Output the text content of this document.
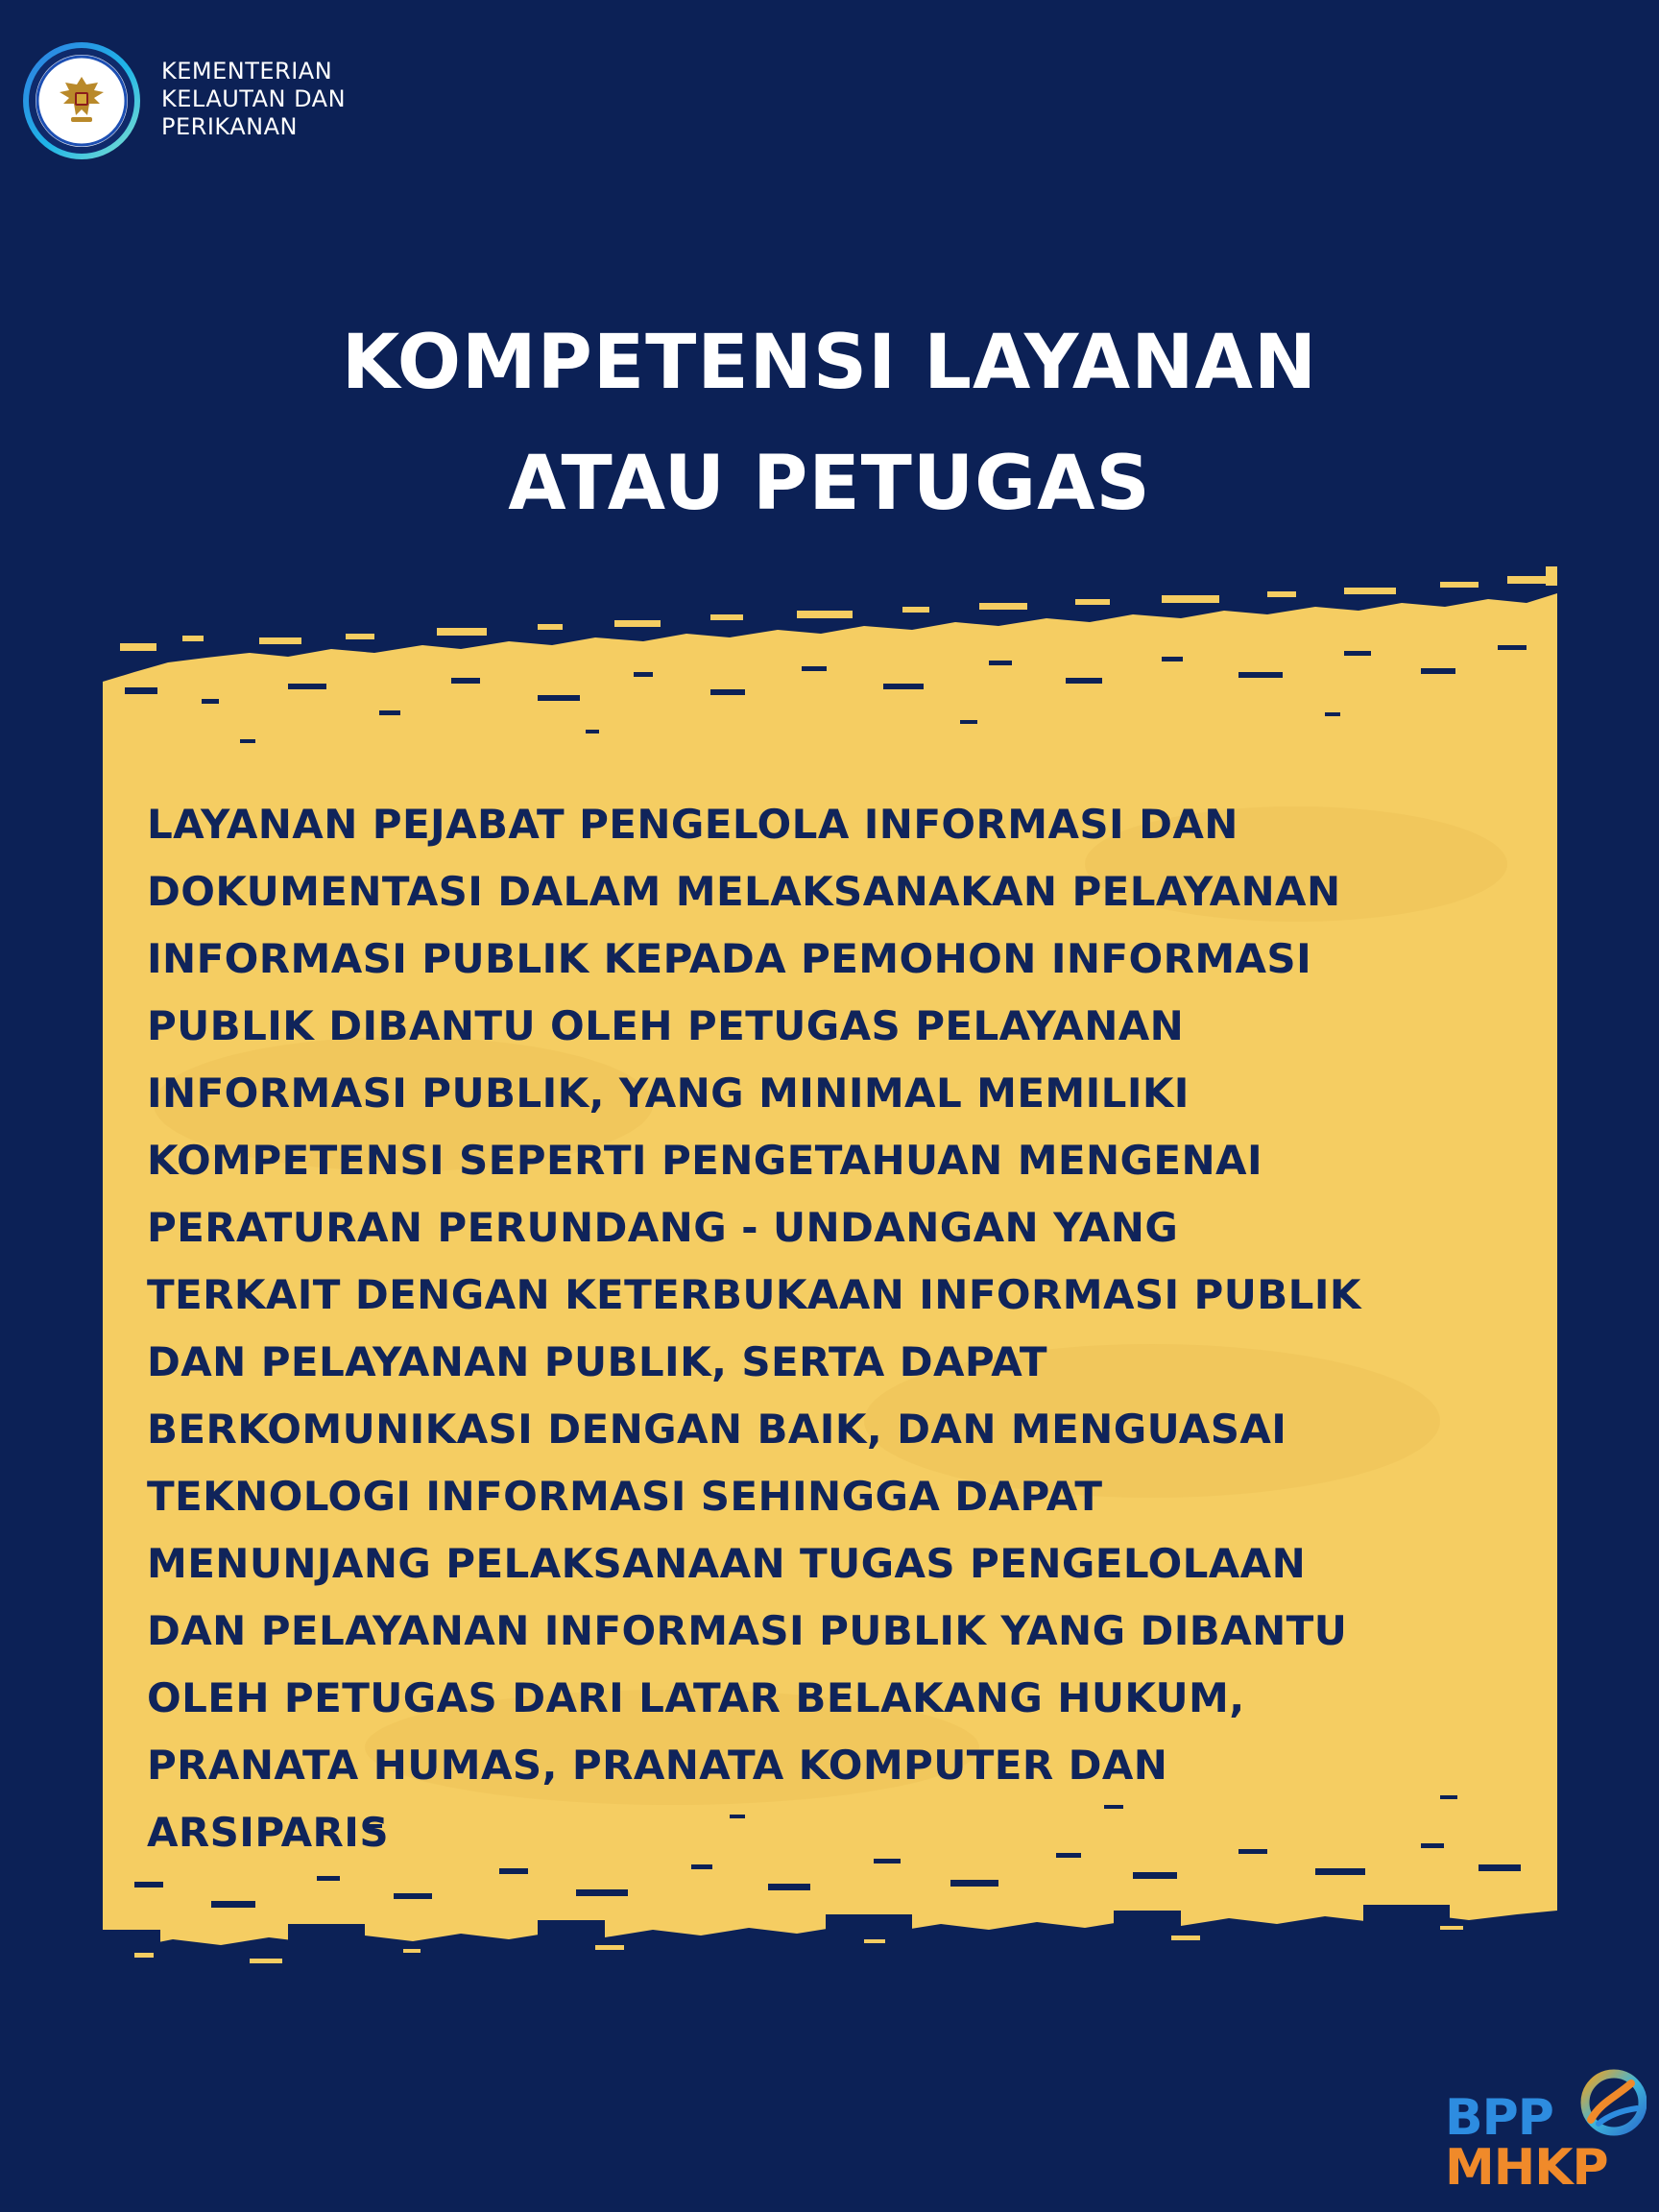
KEMENTERIAN
KELAUTAN DAN
PERIKANAN
KOMPETENSI LAYANAN
ATAU PETUGAS
LAYANAN PEJABAT PENGELOLA INFORMASI DAN
DOKUMENTASI DALAM MELAKSANAKAN PELAYANAN
INFORMASI PUBLIK KEPADA PEMOHON INFORMASI
PUBLIK DIBANTU OLEH PETUGAS PELAYANAN
INFORMASI PUBLIK, YANG MINIMAL MEMILIKI
KOMPETENSI SEPERTI PENGETAHUAN MENGENAI
PERATURAN PERUNDANG - UNDANGAN YANG
TERKAIT DENGAN KETERBUKAAN INFORMASI PUBLIK
DAN PELAYANAN PUBLIK, SERTA DAPAT
BERKOMUNIKASI DENGAN BAIK, DAN MENGUASAI
TEKNOLOGI INFORMASI SEHINGGA DAPAT
MENUNJANG PELAKSANAAN TUGAS PENGELOLAAN
DAN PELAYANAN INFORMASI PUBLIK YANG DIBANTU
OLEH PETUGAS DARI LATAR BELAKANG HUKUM,
PRANATA HUMAS, PRANATA KOMPUTER DAN
ARSIPARIS
BPP
MHKP
